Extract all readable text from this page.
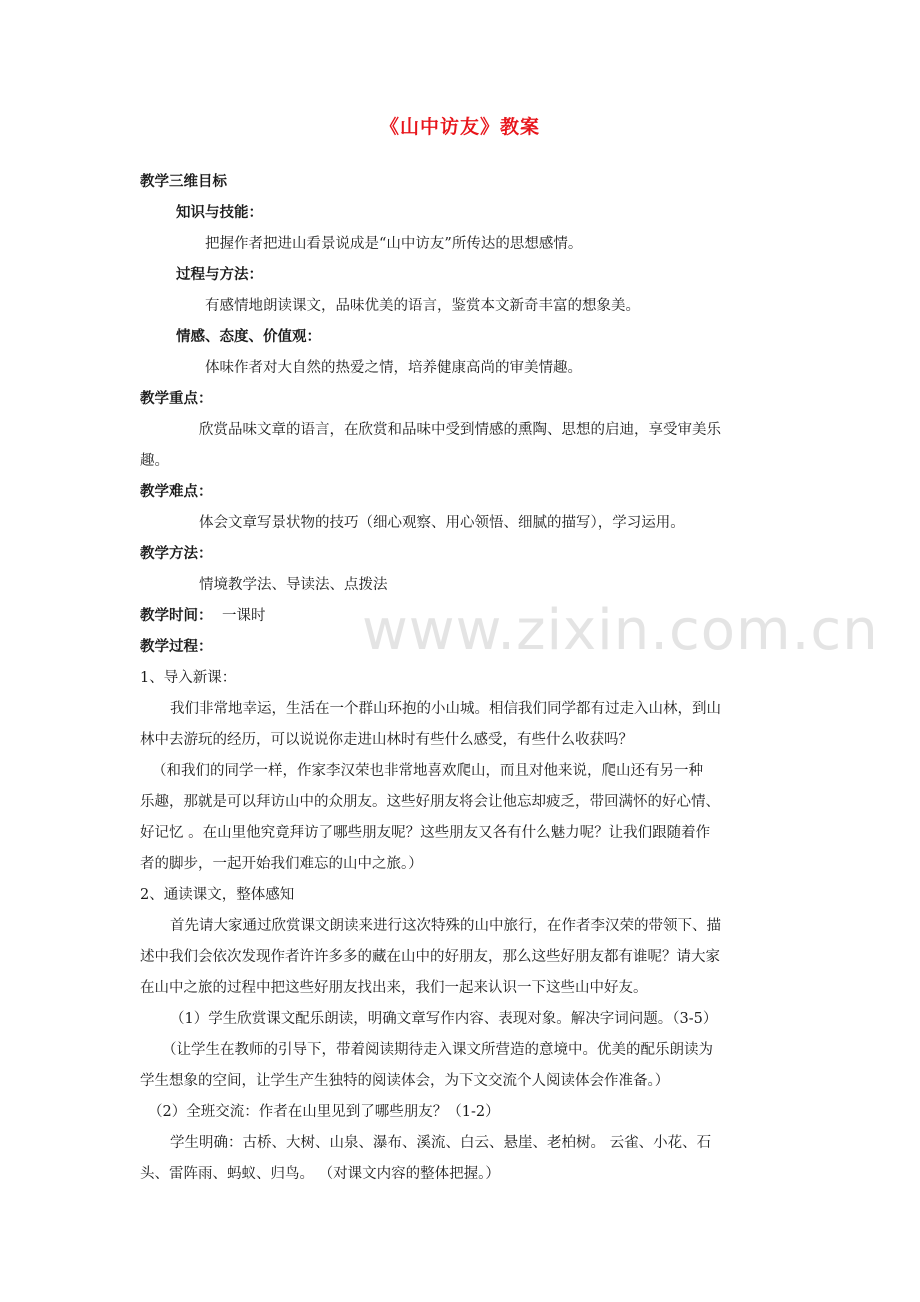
www.zixin.com.cn
《山中访友》教案
教学三维目标
知识与技能：
把握作者把进山看景说成是“山中访友”所传达的思想感情。
过程与方法：
有感情地朗读课文，品味优美的语言，鉴赏本文新奇丰富的想象美。
情感、态度、价值观：
体味作者对大自然的热爱之情，培养健康高尚的审美情趣。
教学重点：
欣赏品味文章的语言，在欣赏和品味中受到情感的熏陶、思想的启迪，享受审美乐
趣。
教学难点：
体会文章写景状物的技巧（细心观察、用心领悟、细腻的描写），学习运用。
教学方法：
情境教学法、导读法、点拨法
教学时间： 一课时
教学过程：
1、导入新课：
我们非常地幸运，生活在一个群山环抱的小山城。相信我们同学都有过走入山林，到山
林中去游玩的经历，可以说说你走进山林时有些什么感受，有些什么收获吗？
（和我们的同学一样，作家李汉荣也非常地喜欢爬山，而且对他来说，爬山还有另一种
乐趣，那就是可以拜访山中的众朋友。这些好朋友将会让他忘却疲乏，带回满怀的好心情、
好记忆 。在山里他究竟拜访了哪些朋友呢？这些朋友又各有什么魅力呢？让我们跟随着作
者的脚步，一起开始我们难忘的山中之旅。）
2、通读课文，整体感知
首先请大家通过欣赏课文朗读来进行这次特殊的山中旅行，在作者李汉荣的带领下、描
述中我们会依次发现作者许许多多的藏在山中的好朋友，那么这些好朋友都有谁呢？请大家
在山中之旅的过程中把这些好朋友找出来，我们一起来认识一下这些山中好友。
（1）学生欣赏课文配乐朗读，明确文章写作内容、表现对象。解决字词问题。（3-5）
（让学生在教师的引导下，带着阅读期待走入课文所营造的意境中。优美的配乐朗读为
学生想象的空间，让学生产生独特的阅读体会，为下文交流个人阅读体会作准备。）
（2）全班交流：作者在山里见到了哪些朋友？（1-2）
学生明确：古桥、大树、山泉、瀑布、溪流、白云、悬崖、老柏树。 云雀、小花、石
头、雷阵雨、蚂蚁、归鸟。 （对课文内容的整体把握。）
